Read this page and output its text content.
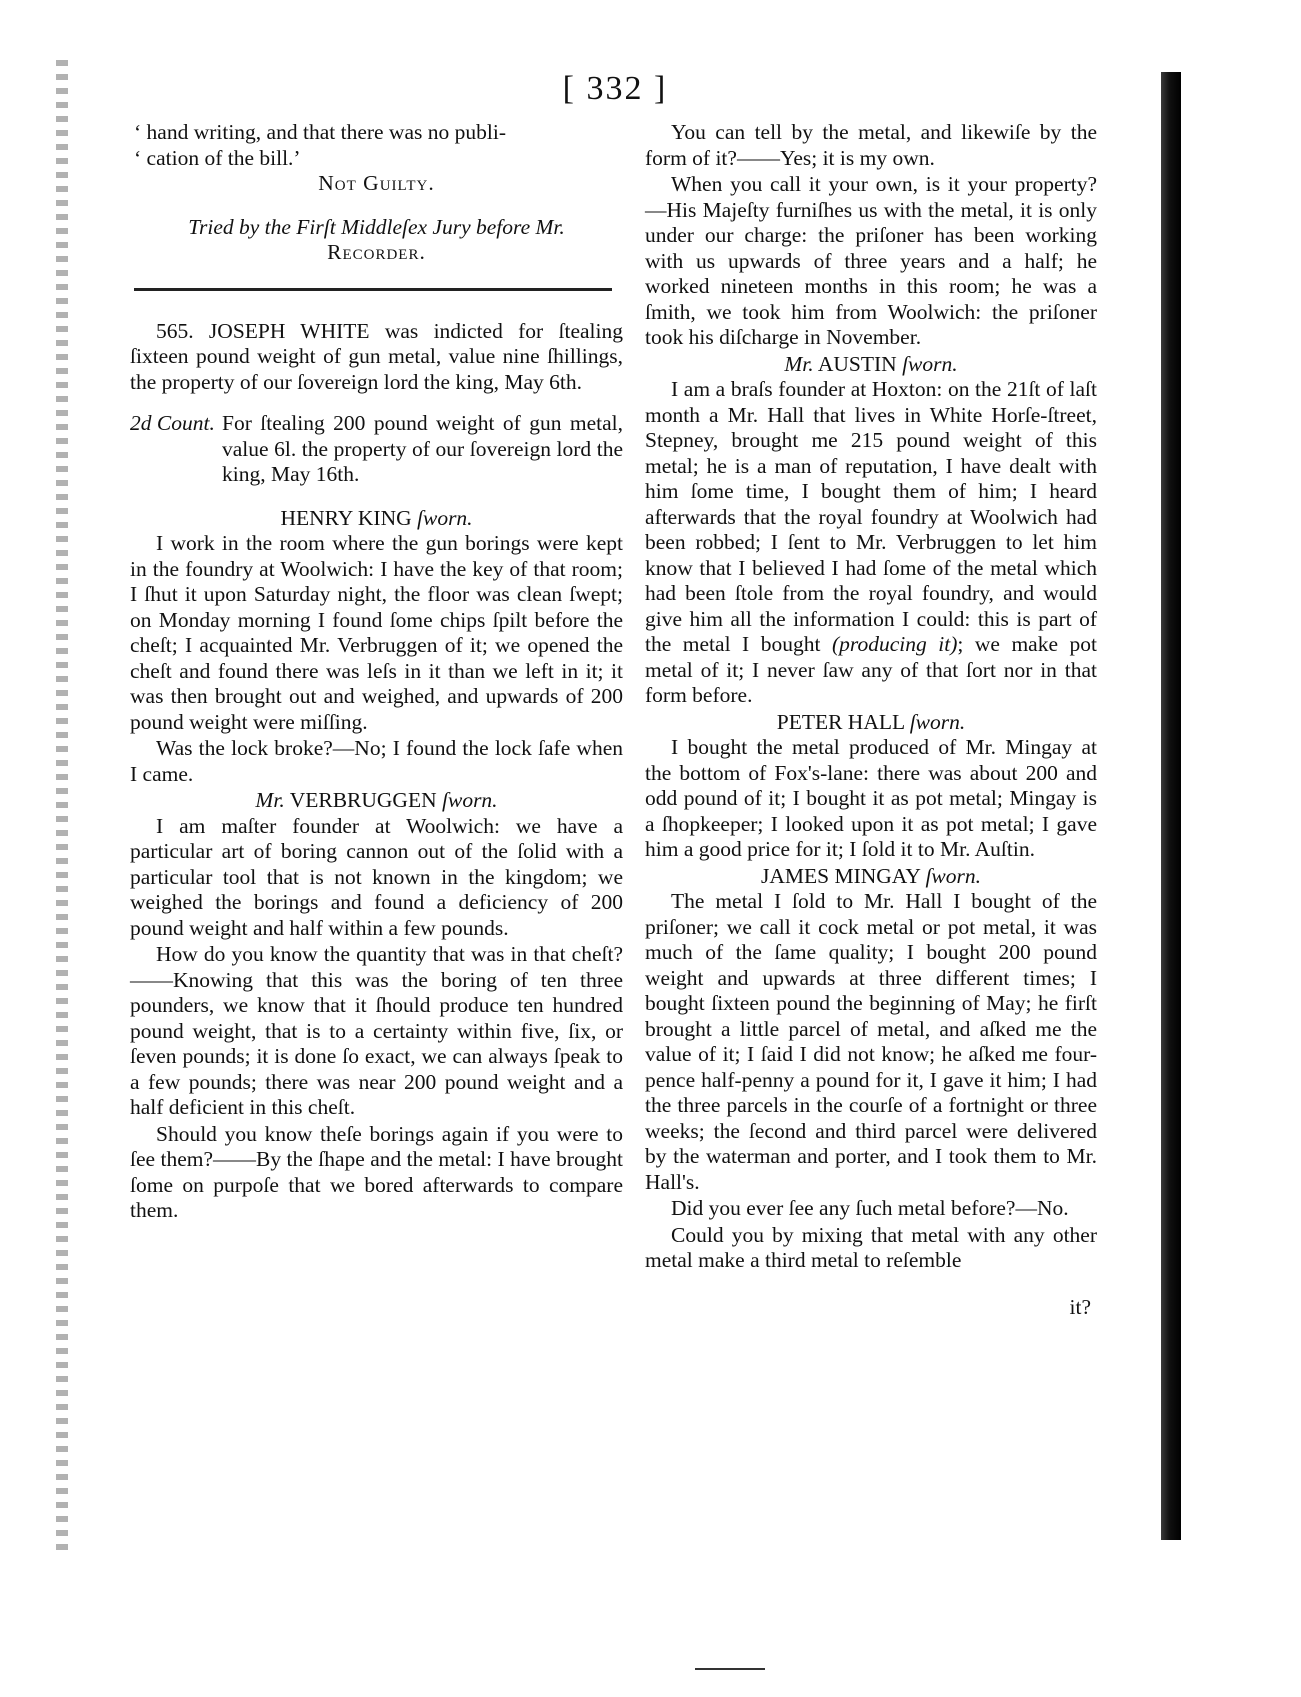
[ 332 ]

‘ hand writing, and that there was no publi-

‘ cation of the bill.’

Not Guilty.

Tried by the Firſt Middleſex Jury before Mr.

Recorder.

565. JOSEPH WHITE was indicted for ſtealing ſixteen pound weight of gun metal, value nine ſhillings, the property of our ſovereign lord the king, May 6th.

2d Count. For ſtealing 200 pound weight of gun metal, value 6l. the property of our ſovereign lord the king, May 16th.

HENRY KING ſworn.

I work in the room where the gun borings were kept in the foundry at Woolwich: I have the key of that room; I ſhut it upon Saturday night, the floor was clean ſwept; on Monday morning I found ſome chips ſpilt before the cheſt; I acquainted Mr. Verbruggen of it; we opened the cheſt and found there was leſs in it than we left in it; it was then brought out and weighed, and upwards of 200 pound weight were miſſing.

Was the lock broke?—No; I found the lock ſafe when I came.

Mr. VERBRUGGEN ſworn.

I am maſter founder at Woolwich: we have a particular art of boring cannon out of the ſolid with a particular tool that is not known in the kingdom; we weighed the borings and found a deficiency of 200 pound weight and half within a few pounds.

How do you know the quantity that was in that cheſt?——Knowing that this was the boring of ten three pounders, we know that it ſhould produce ten hundred pound weight, that is to a certainty within five, ſix, or ſeven pounds; it is done ſo exact, we can always ſpeak to a few pounds; there was near 200 pound weight and a half deficient in this cheſt.

Should you know theſe borings again if you were to ſee them?——By the ſhape and the metal: I have brought ſome on purpoſe that we bored afterwards to compare them.

You can tell by the metal, and likewiſe by the form of it?——Yes; it is my own.

When you call it your own, is it your property?—His Majeſty furniſhes us with the metal, it is only under our charge: the priſoner has been working with us upwards of three years and a half; he worked nineteen months in this room; he was a ſmith, we took him from Woolwich: the priſoner took his diſcharge in November.

Mr. AUSTIN ſworn.

I am a braſs founder at Hoxton: on the 21ſt of laſt month a Mr. Hall that lives in White Horſe-ſtreet, Stepney, brought me 215 pound weight of this metal; he is a man of reputation, I have dealt with him ſome time, I bought them of him; I heard afterwards that the royal foundry at Woolwich had been robbed; I ſent to Mr. Verbruggen to let him know that I believed I had ſome of the metal which had been ſtole from the royal foundry, and would give him all the information I could: this is part of the metal I bought (producing it); we make pot metal of it; I never ſaw any of that ſort nor in that form before.

PETER HALL ſworn.

I bought the metal produced of Mr. Mingay at the bottom of Fox's-lane: there was about 200 and odd pound of it; I bought it as pot metal; Mingay is a ſhopkeeper; I looked upon it as pot metal; I gave him a good price for it; I ſold it to Mr. Auſtin.

JAMES MINGAY ſworn.

The metal I ſold to Mr. Hall I bought of the priſoner; we call it cock metal or pot metal, it was much of the ſame quality; I bought 200 pound weight and upwards at three different times; I bought ſixteen pound the beginning of May; he firſt brought a little parcel of metal, and aſked me the value of it; I ſaid I did not know; he aſked me four-pence half-penny a pound for it, I gave it him; I had the three parcels in the courſe of a fortnight or three weeks; the ſecond and third parcel were delivered by the waterman and porter, and I took them to Mr. Hall's.

Did you ever ſee any ſuch metal before?—No.

Could you by mixing that metal with any other metal make a third metal to reſemble

it?
